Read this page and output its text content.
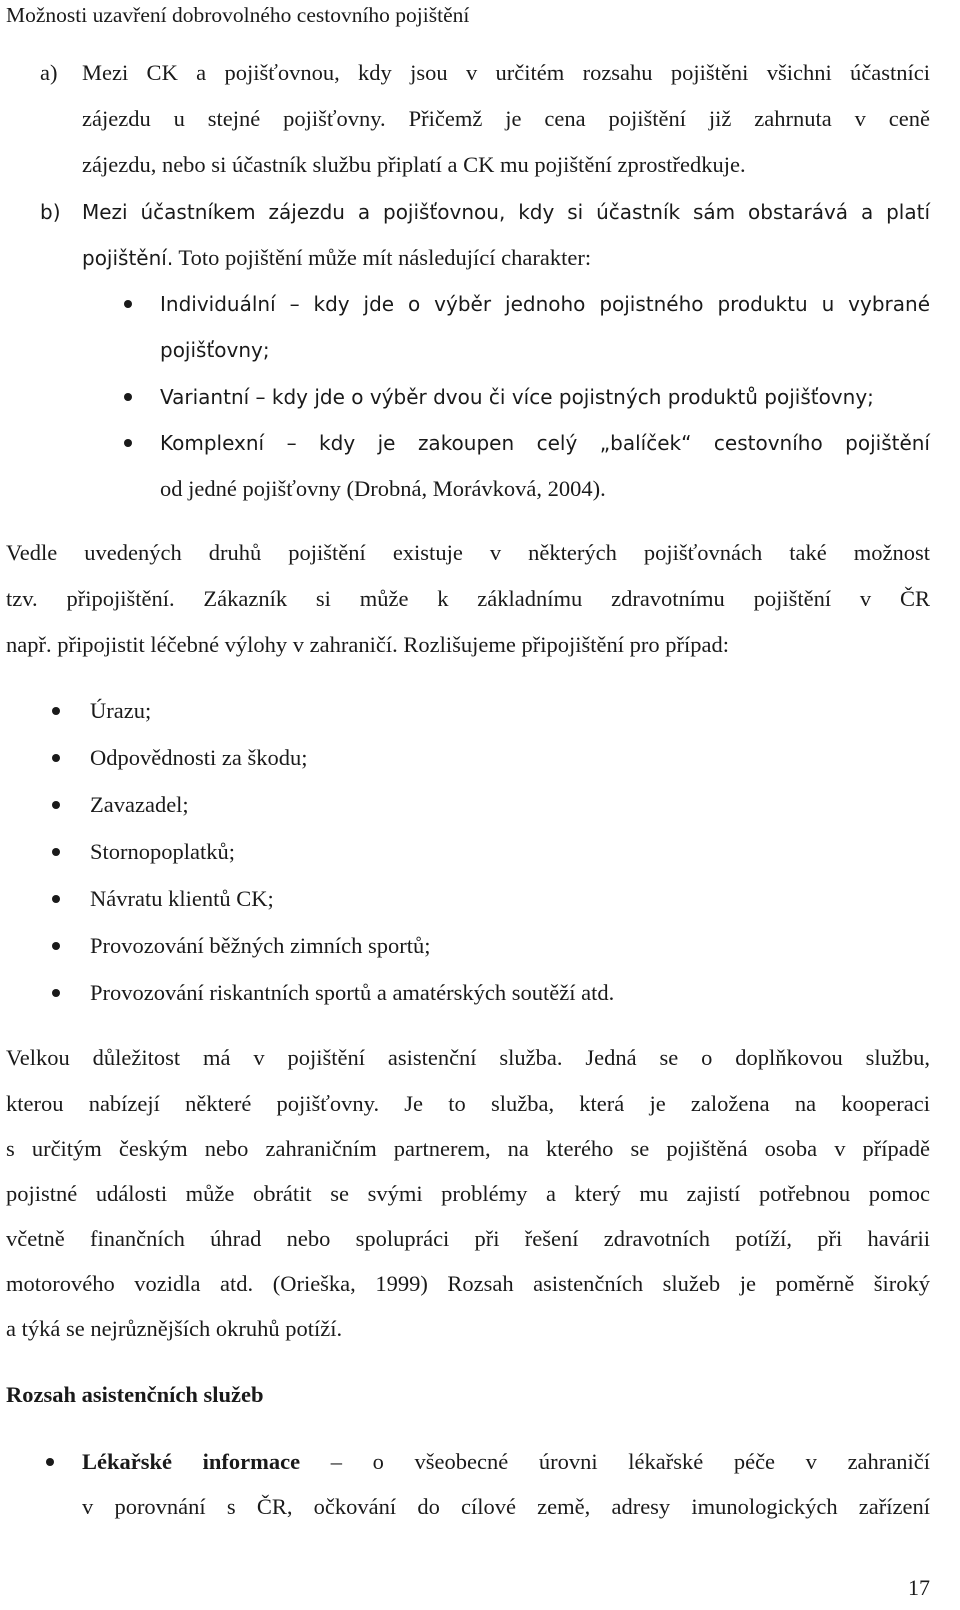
Možnosti uzavření dobrovolného cestovního pojištění
a) Mezi CK a pojišťovnou, kdy jsou v určitém rozsahu pojištěni všichni účastníci
zájezdu u stejné pojišťovny. Přičemž je cena pojištění již zahrnuta v ceně
zájezdu, nebo si účastník službu připlatí a CK mu pojištění zprostředkuje.
b) Mezi účastníkem zájezdu a pojišťovnou, kdy si účastník sám obstarává a platí
pojištění. Toto pojištění může mít následující charakter:
Individuální – kdy jde o výběr jednoho pojistného produktu u vybrané
pojišťovny;
Variantní – kdy jde o výběr dvou či více pojistných produktů pojišťovny;
Komplexní – kdy je zakoupen celý „balíček“ cestovního pojištění
od jedné pojišťovny (Drobná, Morávková, 2004).
Vedle uvedených druhů pojištění existuje v některých pojišťovnách také možnost
tzv. připojištění. Zákazník si může k základnímu zdravotnímu pojištění v ČR
např. připojistit léčebné výlohy v zahraničí. Rozlišujeme připojištění pro případ:
Úrazu;
Odpovědnosti za škodu;
Zavazadel;
Stornopoplatků;
Návratu klientů CK;
Provozování běžných zimních sportů;
Provozování riskantních sportů a amatérských soutěží atd.
Velkou důležitost má v pojištění asistenční služba. Jedná se o doplňkovou službu,
kterou nabízejí některé pojišťovny. Je to služba, která je založena na kooperaci
s určitým českým nebo zahraničním partnerem, na kterého se pojištěná osoba v případě
pojistné události může obrátit se svými problémy a který mu zajistí potřebnou pomoc
včetně finančních úhrad nebo spolupráci při řešení zdravotních potíží, při havárii
motorového vozidla atd. (Orieška, 1999) Rozsah asistenčních služeb je poměrně široký
a týká se nejrůznějších okruhů potíží.
Rozsah asistenčních služeb
Lékařské informace – o všeobecné úrovni lékařské péče v zahraničí
v porovnání s ČR, očkování do cílové země, adresy imunologických zařízení
17
